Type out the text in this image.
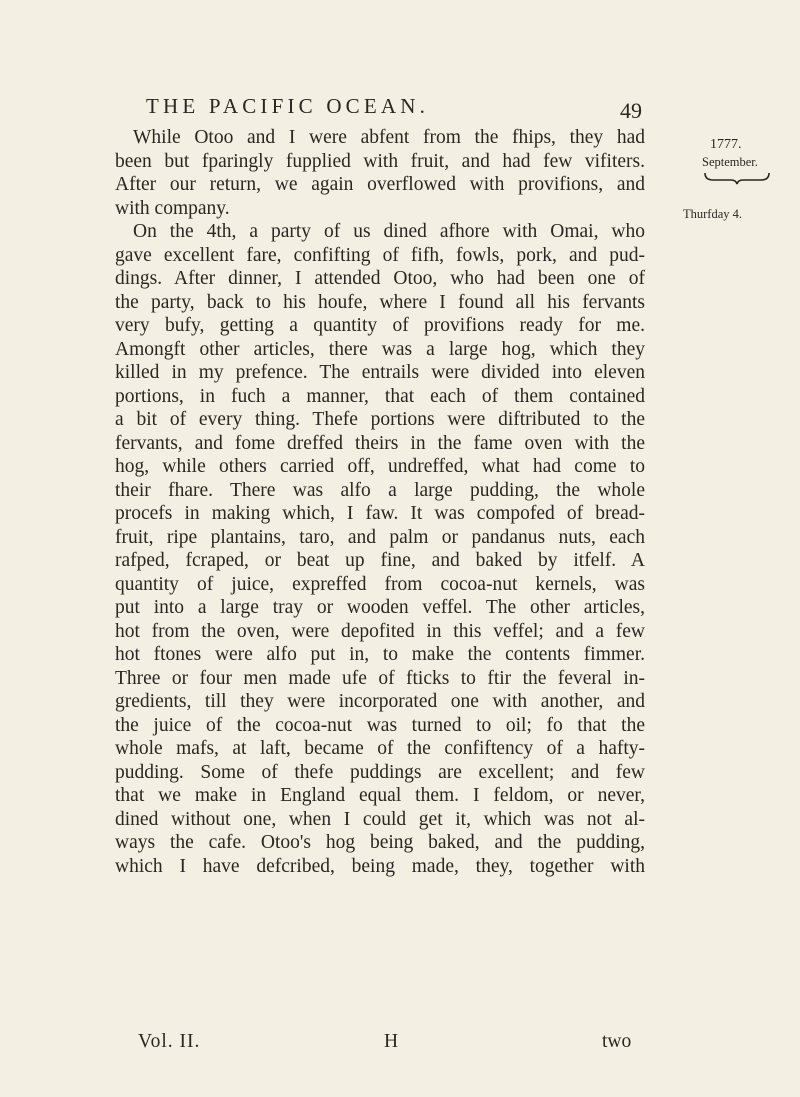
THE PACIFIC OCEAN.	49
1777.
September.
Thurfday 4.
While Otoo and I were abfent from the fhips, they had
been but fparingly fupplied with fruit, and had few vifiters.
After our return, we again overflowed with provifions, and
with company.
On the 4th, a party of us dined afhore with Omai, who
gave excellent fare, confifting of fifh, fowls, pork, and pud-
dings. After dinner, I attended Otoo, who had been one of
the party, back to his houfe, where I found all his fervants
very bufy, getting a quantity of provifions ready for me.
Amongft other articles, there was a large hog, which they
killed in my prefence. The entrails were divided into eleven
portions, in fuch a manner, that each of them contained
a bit of every thing. Thefe portions were diftributed to the
fervants, and fome dreffed theirs in the fame oven with the
hog, while others carried off, undreffed, what had come to
their fhare. There was alfo a large pudding, the whole
procefs in making which, I faw. It was compofed of bread-
fruit, ripe plantains, taro, and palm or pandanus nuts, each
rafped, fcraped, or beat up fine, and baked by itfelf. A
quantity of juice, expreffed from cocoa-nut kernels, was
put into a large tray or wooden veffel. The other articles,
hot from the oven, were depofited in this veffel; and a few
hot ftones were alfo put in, to make the contents fimmer.
Three or four men made ufe of fticks to ftir the feveral in-
gredients, till they were incorporated one with another, and
the juice of the cocoa-nut was turned to oil; fo that the
whole mafs, at laft, became of the confiftency of a hafty-
pudding. Some of thefe puddings are excellent; and few
that we make in England equal them. I feldom, or never,
dined without one, when I could get it, which was not al-
ways the cafe. Otoo's hog being baked, and the pudding,
which I have defcribed, being made, they, together with
Vol. II.	H	two
